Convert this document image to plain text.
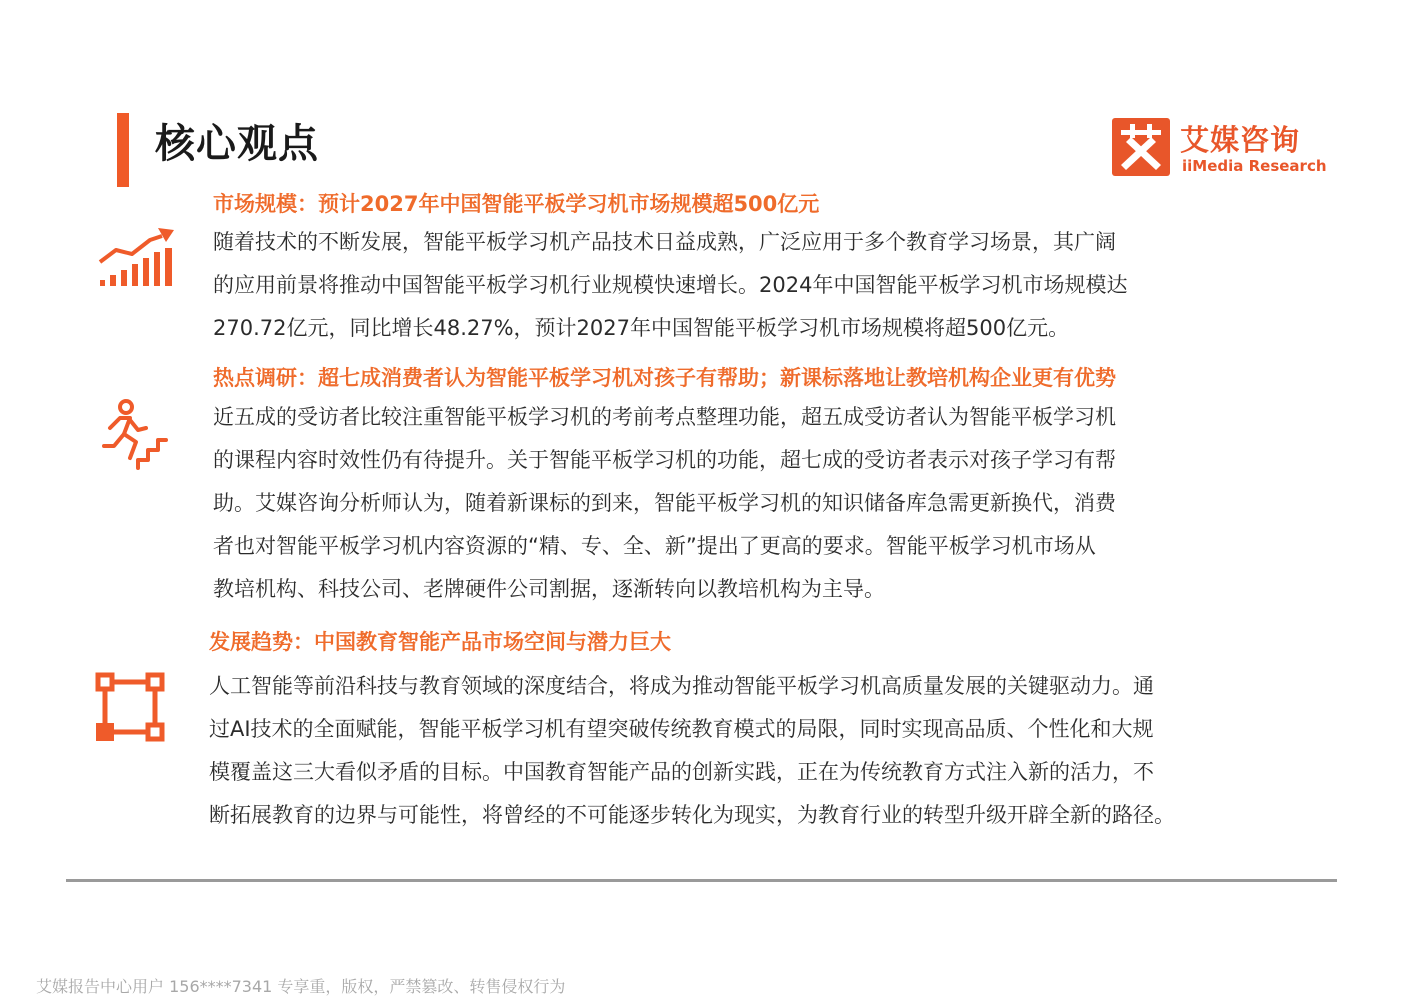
核心观点	艾媒咨询
iiMedia Research
市场规模：预计2027年中国智能平板学习机市场规模超500亿元
随着技术的不断发展，智能平板学习机产品技术日益成熟，广泛应用于多个教育学习场景，其广阔
的应用前景将推动中国智能平板学习机行业规模快速增长。2024年中国智能平板学习机市场规模达
270.72亿元，同比增长48.27%，预计2027年中国智能平板学习机市场规模将超500亿元。
热点调研：超七成消费者认为智能平板学习机对孩子有帮助；新课标落地让教培机构企业更有优势
近五成的受访者比较注重智能平板学习机的考前考点整理功能，超五成受访者认为智能平板学习机
的课程内容时效性仍有待提升。关于智能平板学习机的功能，超七成的受访者表示对孩子学习有帮
助。艾媒咨询分析师认为，随着新课标的到来，智能平板学习机的知识储备库急需更新换代，消费
者也对智能平板学习机内容资源的“精、专、全、新”提出了更高的要求。智能平板学习机市场从
教培机构、科技公司、老牌硬件公司割据，逐渐转向以教培机构为主导。
发展趋势：中国教育智能产品市场空间与潜力巨大
人工智能等前沿科技与教育领域的深度结合，将成为推动智能平板学习机高质量发展的关键驱动力。通
过AI技术的全面赋能，智能平板学习机有望突破传统教育模式的局限，同时实现高品质、个性化和大规
模覆盖这三大看似矛盾的目标。中国教育智能产品的创新实践，正在为传统教育方式注入新的活力，不
断拓展教育的边界与可能性，将曾经的不可能逐步转化为现实，为教育行业的转型升级开辟全新的路径。
艾媒报告中心用户 156****7341 专享重，版权，严禁篡改、转售侵权行为
